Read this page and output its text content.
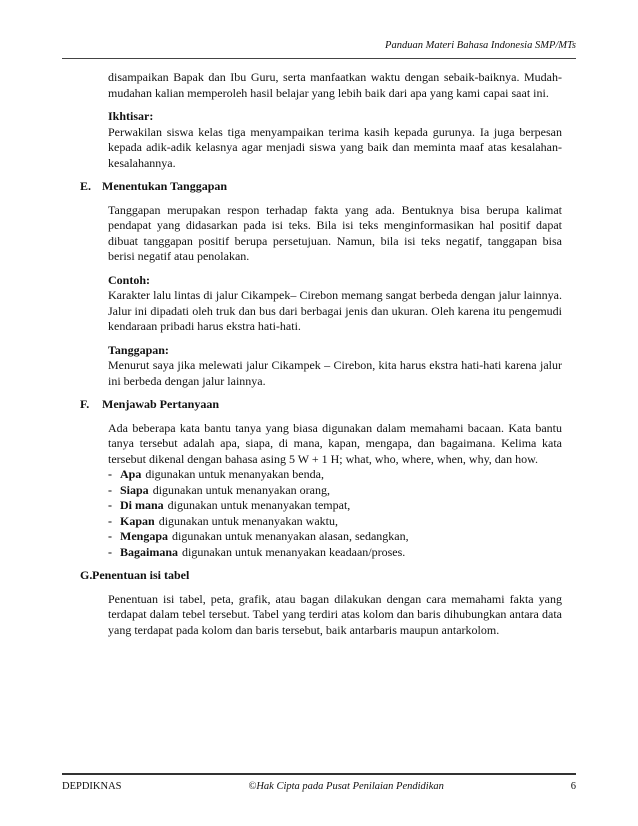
Panduan Materi Bahasa Indonesia SMP/MTs

disampaikan Bapak dan Ibu Guru, serta manfaatkan waktu dengan sebaik-baiknya. Mudah-mudahan kalian memperoleh hasil belajar yang lebih baik dari apa yang kami capai saat ini.

Ikhtisar:

Perwakilan siswa kelas tiga menyampaikan terima kasih kepada gurunya. Ia juga berpesan kepada adik-adik kelasnya agar menjadi siswa yang baik dan meminta maaf atas kesalahan-kesalahannya.

E. Menentukan Tanggapan

Tanggapan merupakan respon terhadap fakta yang ada. Bentuknya bisa berupa kalimat pendapat yang didasarkan pada isi teks. Bila isi teks menginformasikan hal positif dapat dibuat tanggapan positif berupa persetujuan. Namun, bila isi teks negatif, tanggapan bisa berisi negatif atau penolakan.

Contoh:

Karakter lalu lintas di jalur Cikampek– Cirebon memang sangat berbeda dengan jalur lainnya. Jalur ini dipadati oleh truk dan bus dari berbagai jenis dan ukuran. Oleh karena itu pengemudi kendaraan pribadi harus ekstra hati-hati.

Tanggapan:

Menurut saya jika melewati jalur Cikampek – Cirebon, kita harus ekstra hati-hati karena jalur ini berbeda dengan jalur lainnya.

F.	Menjawab Pertanyaan

Ada beberapa kata bantu tanya yang biasa digunakan dalam memahami bacaan. Kata bantu tanya tersebut adalah apa, siapa, di mana, kapan, mengapa, dan bagaimana. Kelima kata tersebut dikenal dengan bahasa asing 5 W + 1 H; what, who, where, when, why, dan how.

- Apa digunakan untuk menanyakan benda,
- Siapa digunakan untuk menanyakan orang,
- Di mana digunakan untuk menanyakan tempat,
- Kapan digunakan untuk menanyakan waktu,
- Mengapa digunakan untuk menanyakan alasan, sedangkan,
- Bagaimana digunakan untuk menanyakan keadaan/proses.
G. Penentuan isi tabel

Penentuan isi tabel, peta, grafik, atau bagan dilakukan dengan cara memahami fakta yang terdapat dalam tebel tersebut. Tabel yang terdiri atas kolom dan baris dihubungkan antara data yang terdapat pada kolom dan baris tersebut, baik antarbaris maupun antarkolom.

DEPDIKNAS	©Hak Cipta pada Pusat Penilaian Pendidikan	6
